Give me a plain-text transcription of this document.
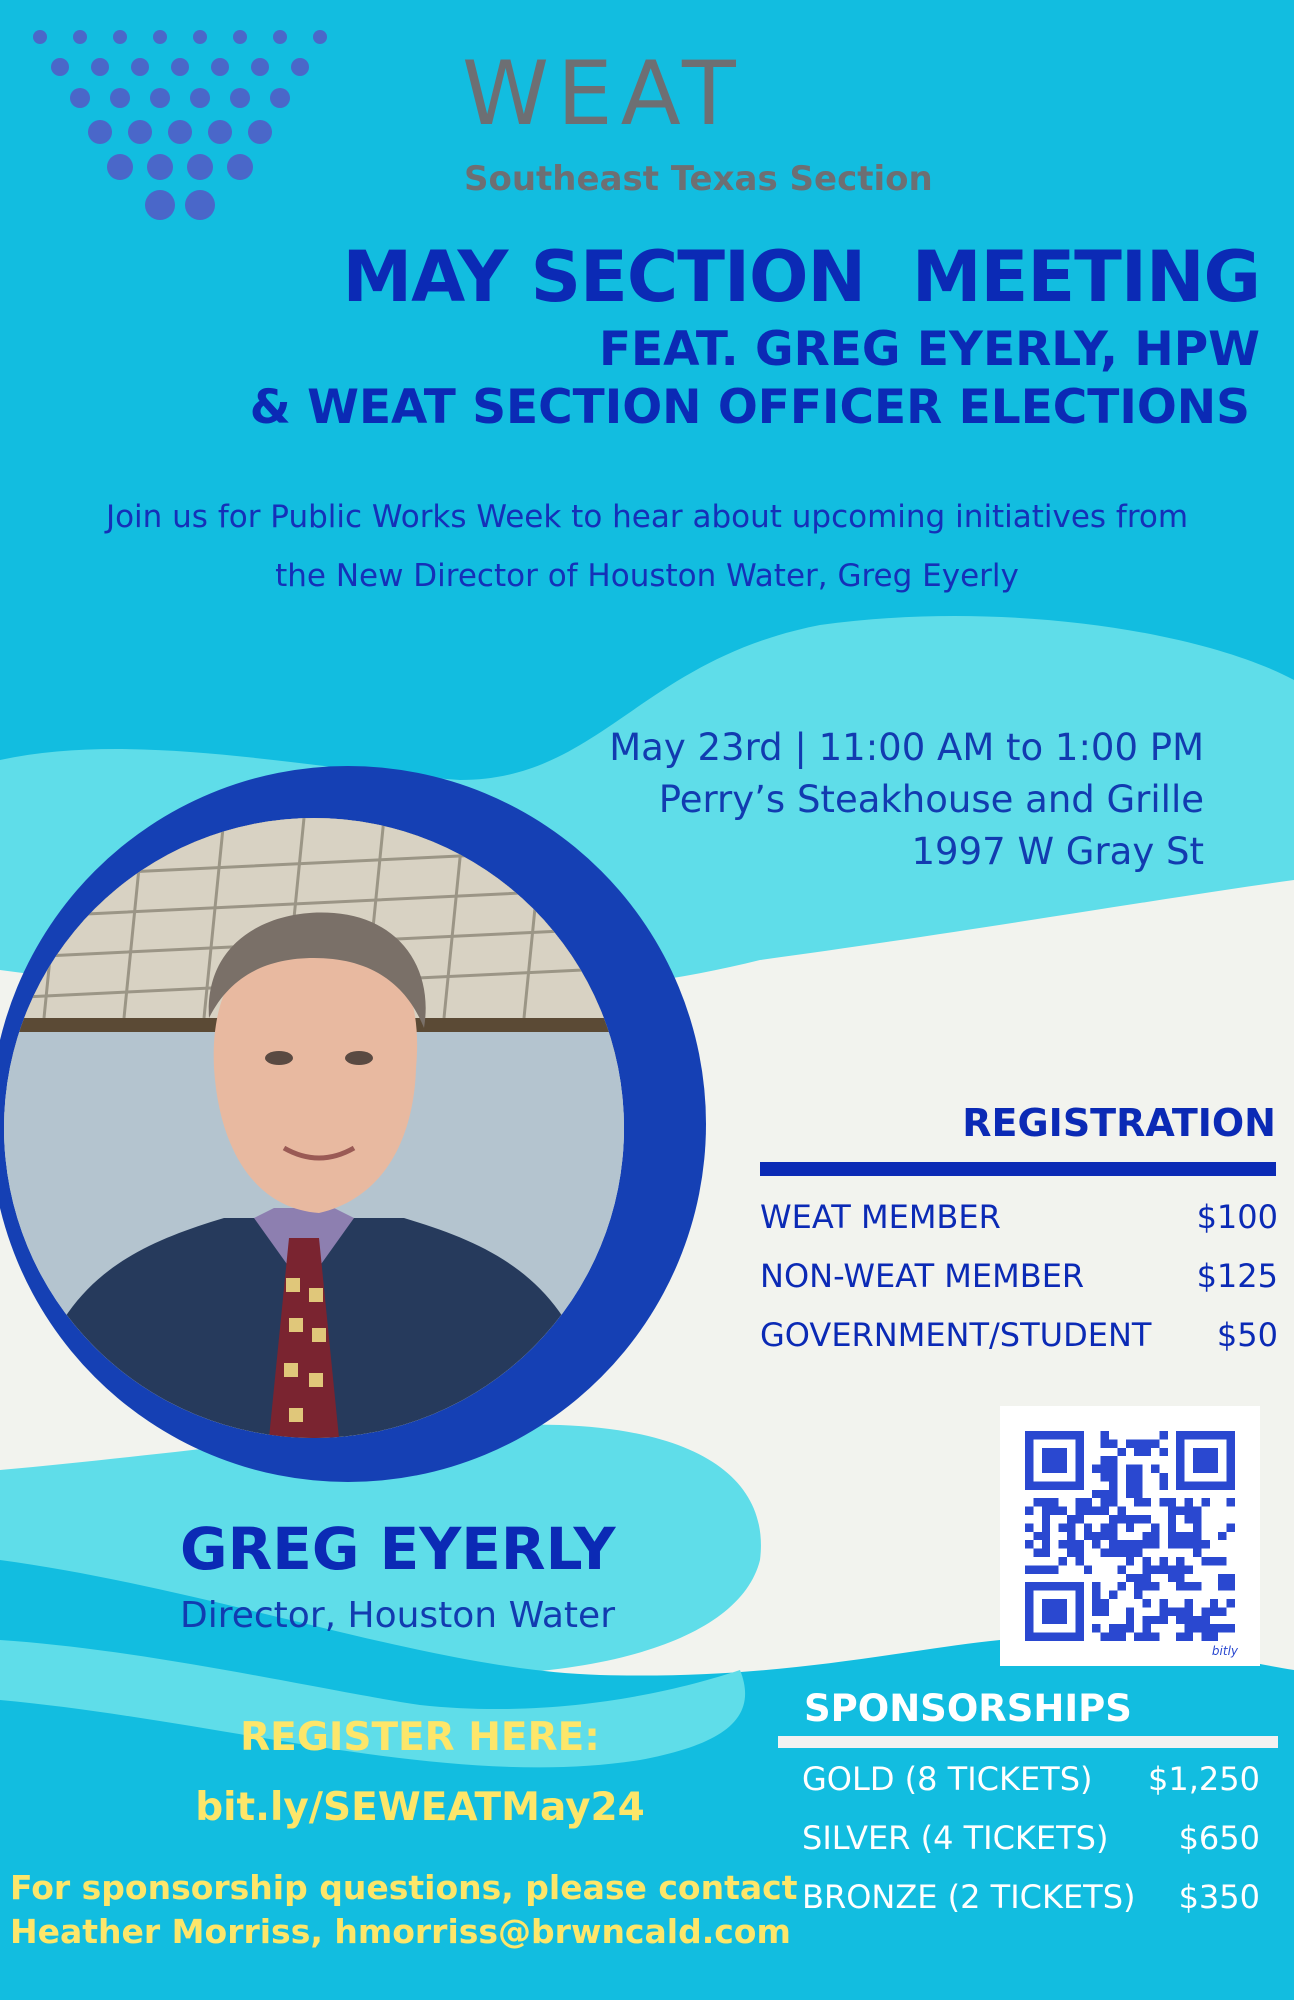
WEAT
Southeast Texas Section
MAY SECTION  MEETING
FEAT. GREG EYERLY, HPW
& WEAT SECTION OFFICER ELECTIONS
Join us for Public Works Week to hear about upcoming initiatives from
the New Director of Houston Water, Greg Eyerly
May 23rd | 11:00 AM to 1:00 PM
Perry’s Steakhouse and Grille
1997 W Gray St
REGISTRATION
WEAT MEMBER	$100
NON-WEAT MEMBER	$125
GOVERNMENT/STUDENT $50
bitly
GREG EYERLY
Director, Houston Water
SPONSORSHIPS
GOLD (8 TICKETS) $1,250
SILVER (4 TICKETS) $650
BRONZE (2 TICKETS) $350
REGISTER HERE:
bit.ly/SEWEATMay24
For sponsorship questions, please contact
Heather Morriss, hmorriss@brwncald.com
